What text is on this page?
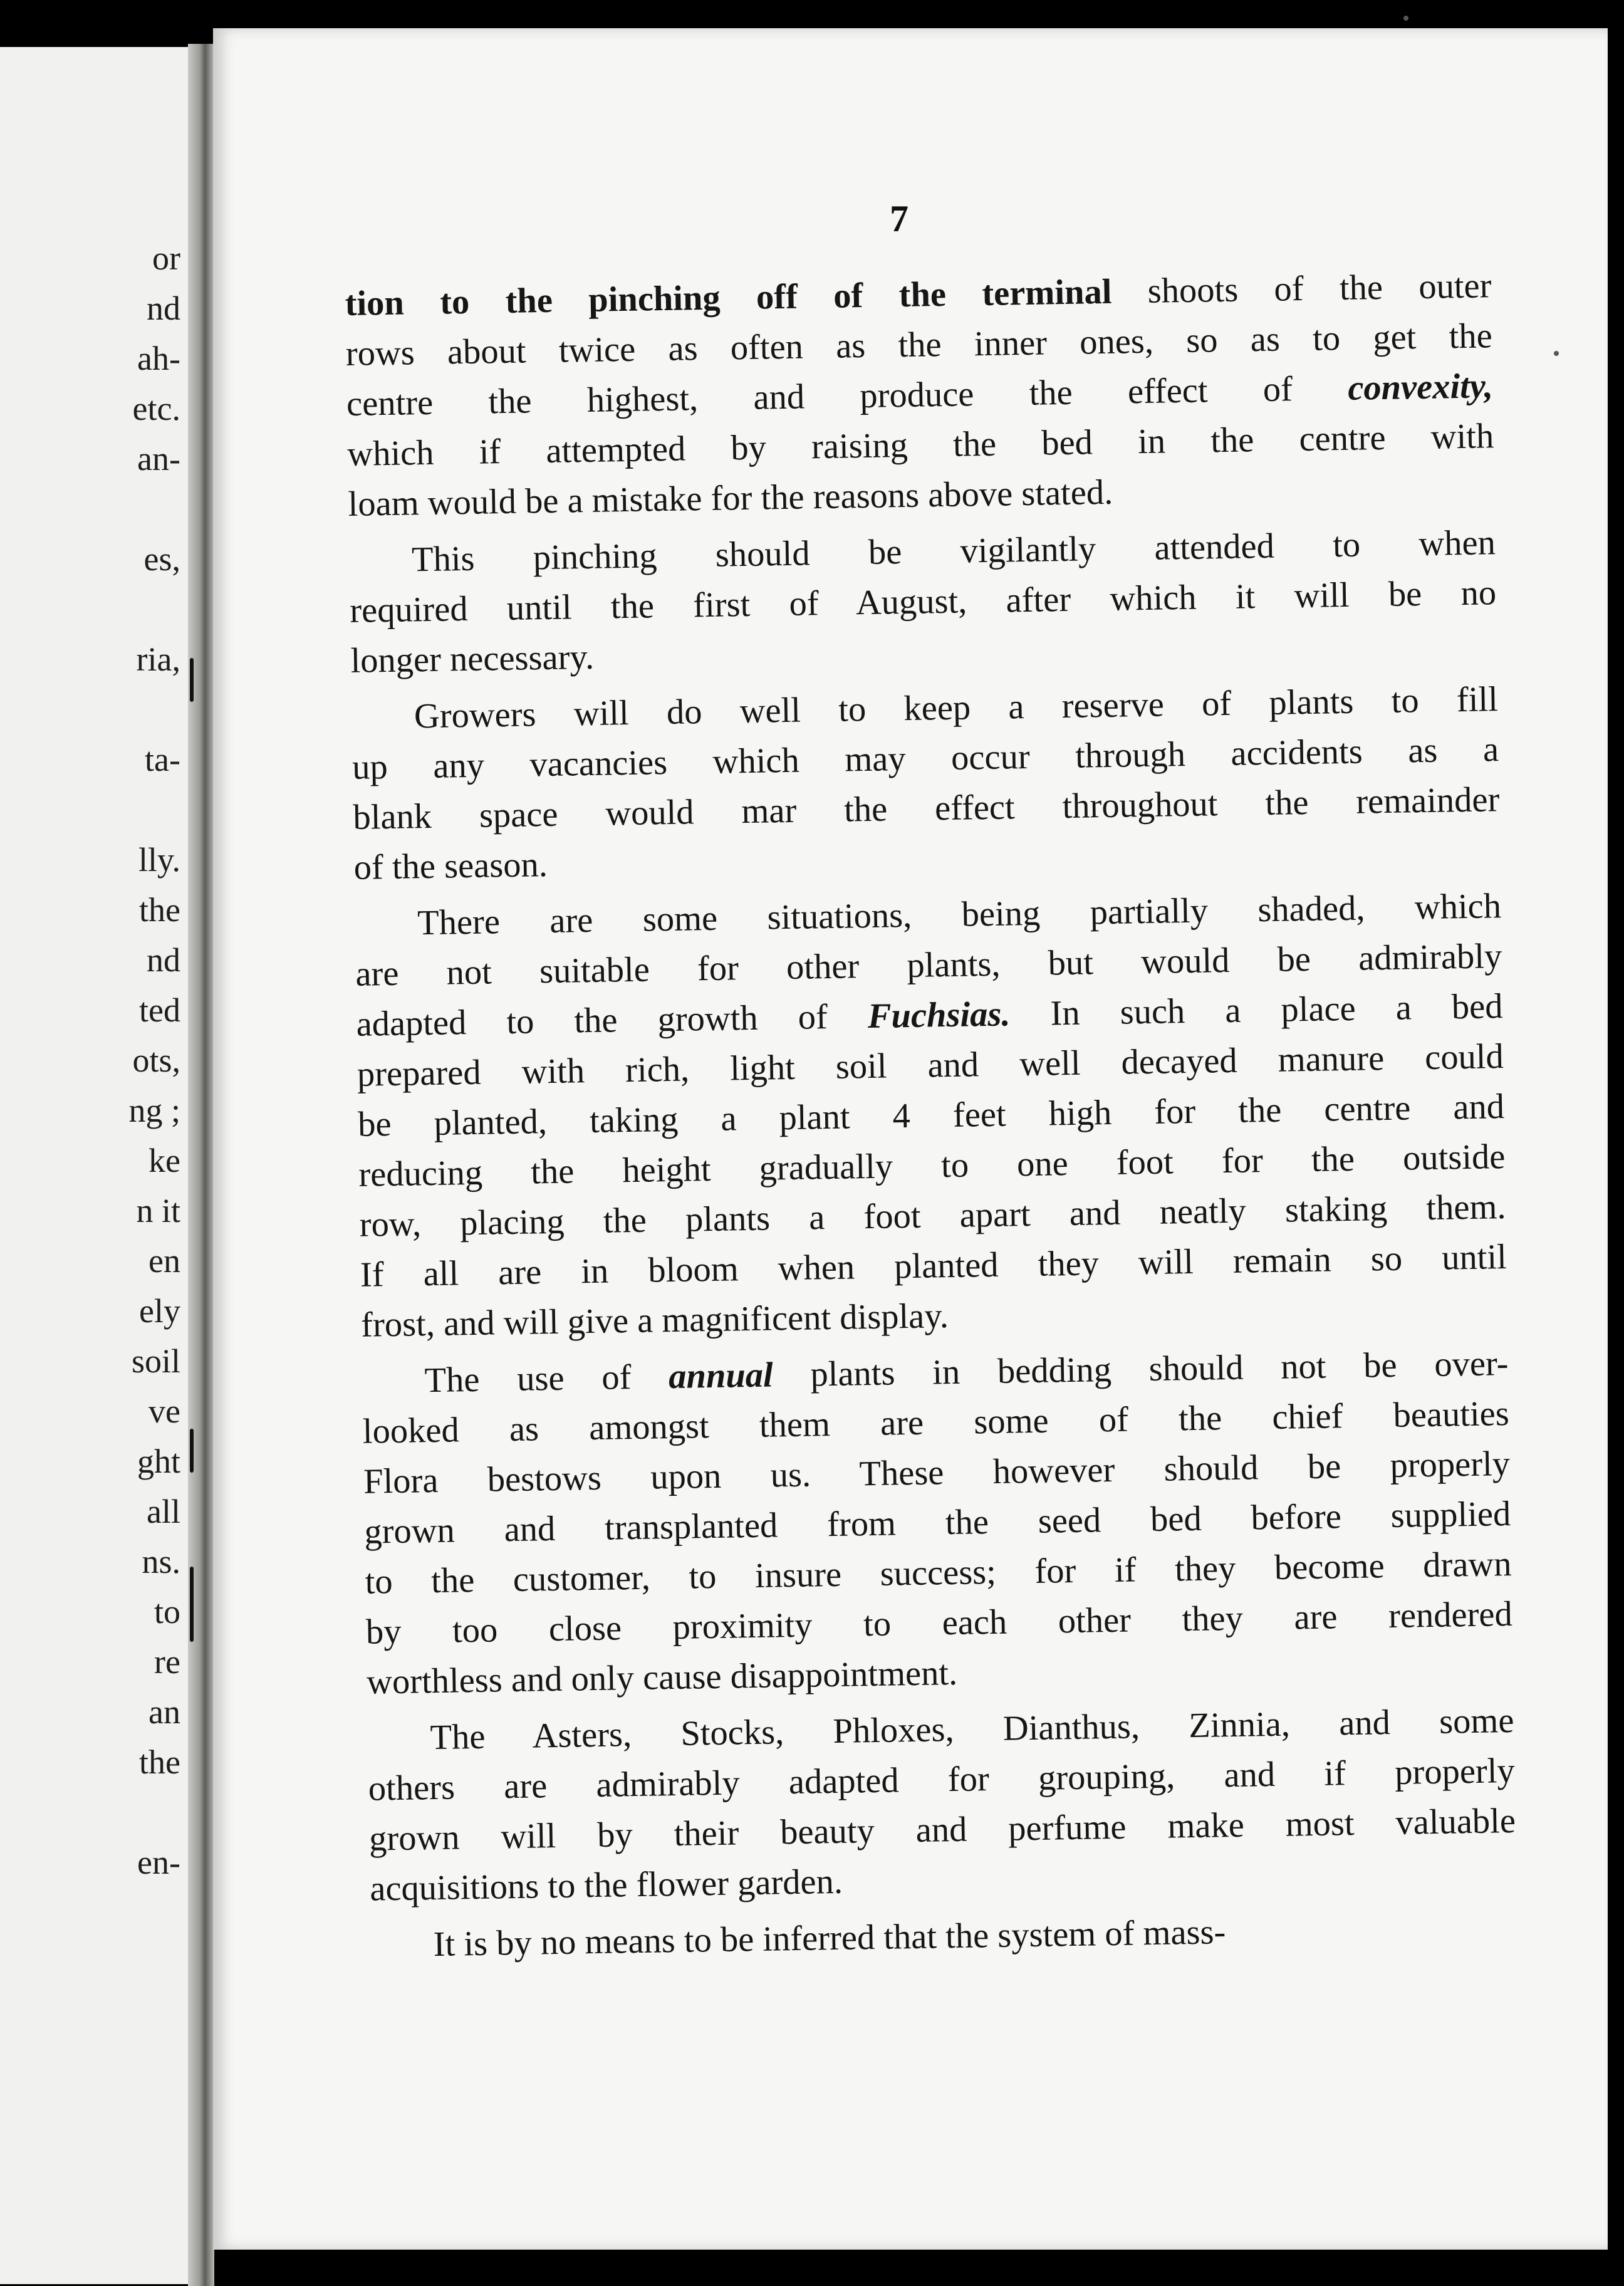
or
nd
ah-
etc.
an-
es,
ria,
ta-
lly.
the
nd
ted
ots,
ng ;
ke
n it
en
ely
soil
ve
ght
all
ns.
to
re
an
the
en-
7
tion to the pinching off of the terminal shoots of the outer
rows about twice as often as the inner ones, so as to get the
centre the highest, and produce the effect of convexity,
which if attempted by raising the bed in the centre with
loam would be a mistake for the reasons above stated.
This pinching should be vigilantly attended to when
required until the first of August, after which it will be no
longer necessary.
Growers will do well to keep a reserve of plants to fill
up any vacancies which may occur through accidents as a
blank space would mar the effect throughout the remainder
of the season.
There are some situations, being partially shaded, which
are not suitable for other plants, but would be admirably
adapted to the growth of Fuchsias. In such a place a bed
prepared with rich, light soil and well decayed manure could
be planted, taking a plant 4 feet high for the centre and
reducing the height gradually to one foot for the outside
row, placing the plants a foot apart and neatly staking them.
If all are in bloom when planted they will remain so until
frost, and will give a magnificent display.
The use of annual plants in bedding should not be over-
looked as amongst them are some of the chief beauties
Flora bestows upon us. These however should be properly
grown and transplanted from the seed bed before supplied
to the customer, to insure success; for if they become drawn
by too close proximity to each other they are rendered
worthless and only cause disappointment.
The Asters, Stocks, Phloxes, Dianthus, Zinnia, and some
others are admirably adapted for grouping, and if properly
grown will by their beauty and perfume make most valuable
acquisitions to the flower garden.
It is by no means to be inferred that the system of mass-
